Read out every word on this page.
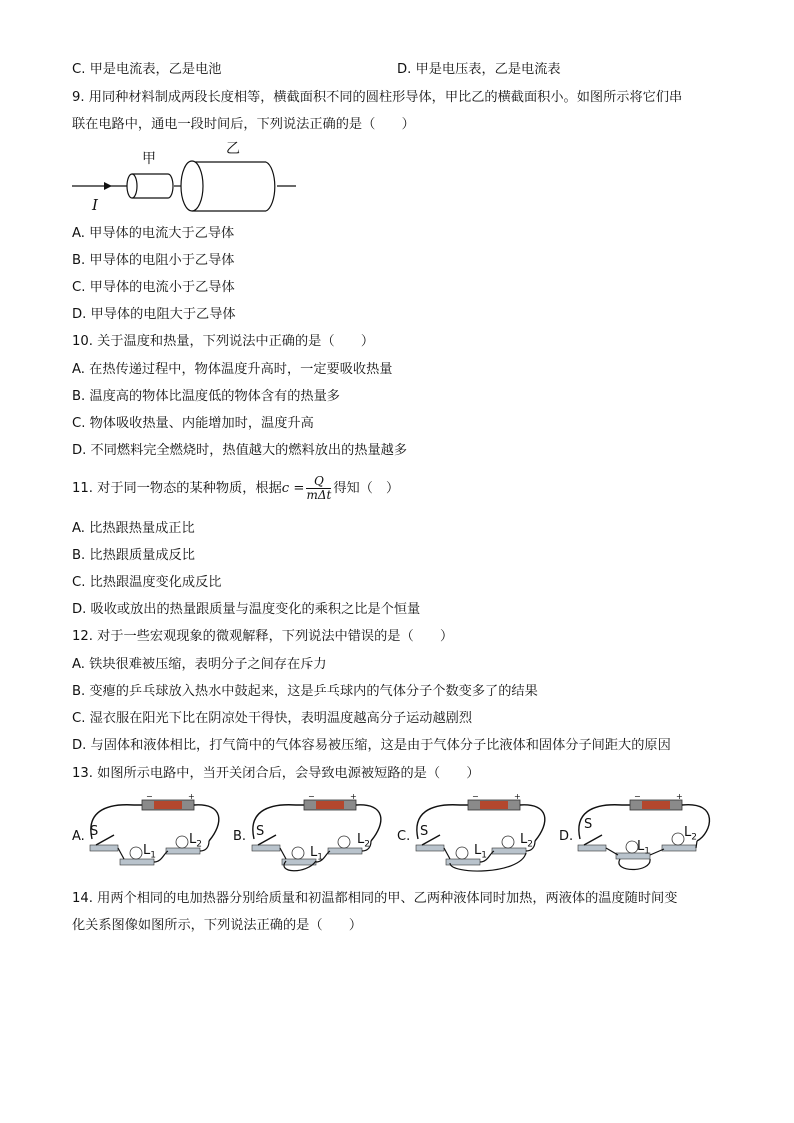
C. 甲是电流表，乙是电池	D. 甲是电压表，乙是电流表
9. 用同种材料制成两段长度相等，横截面积不同的圆柱形导体，甲比乙的横截面积小。如图所示将它们串
联在电路中，通电一段时间后，下列说法正确的是（　　）
甲
乙
I
A. 甲导体的电流大于乙导体
B. 甲导体的电阻小于乙导体
C. 甲导体的电流小于乙导体
D. 甲导体的电阻大于乙导体
10. 关于温度和热量，下列说法中正确的是（　　）
A. 在热传递过程中，物体温度升高时，一定要吸收热量
B. 温度高的物体比温度低的物体含有的热量多
C. 物体吸收热量、内能增加时，温度升高
D. 不同燃料完全燃烧时，热值越大的燃料放出的热量越多
11. 对于同一物态的某种物质，根据$c = \frac{Q}{\text{mΔt}}$ 得知（　）
A. 比热跟热量成正比
B. 比热跟质量成反比
C. 比热跟温度变化成反比
D. 吸收或放出的热量跟质量与温度变化的乘积之比是个恒量
12. 对于一些宏观现象的微观解释，下列说法中错误的是（　　）
A. 铁块很难被压缩，表明分子之间存在斥力
B. 变瘪的乒乓球放入热水中鼓起来，这是乒乓球内的气体分子个数变多了的结果
C. 湿衣服在阳光下比在阴凉处干得快，表明温度越高分子运动越剧烈
D. 与固体和液体相比，打气筒中的气体容易被压缩，这是由于气体分子比液体和固体分子间距大的原因
13. 如图所示电路中，当开关闭合后，会导致电源被短路的是（　　）
A.
−	+
S
$L_1$
$L_2$
B.
−	+
S
$L_1$
$L_2$
C.
−	+
S
$L_1$
$L_2$
D.
−	+
S
$L_1$
$L_2$
14. 用两个相同的电加热器分别给质量和初温都相同的甲、乙两种液体同时加热，两液体的温度随时间变
化关系图像如图所示，下列说法正确的是（　　）
